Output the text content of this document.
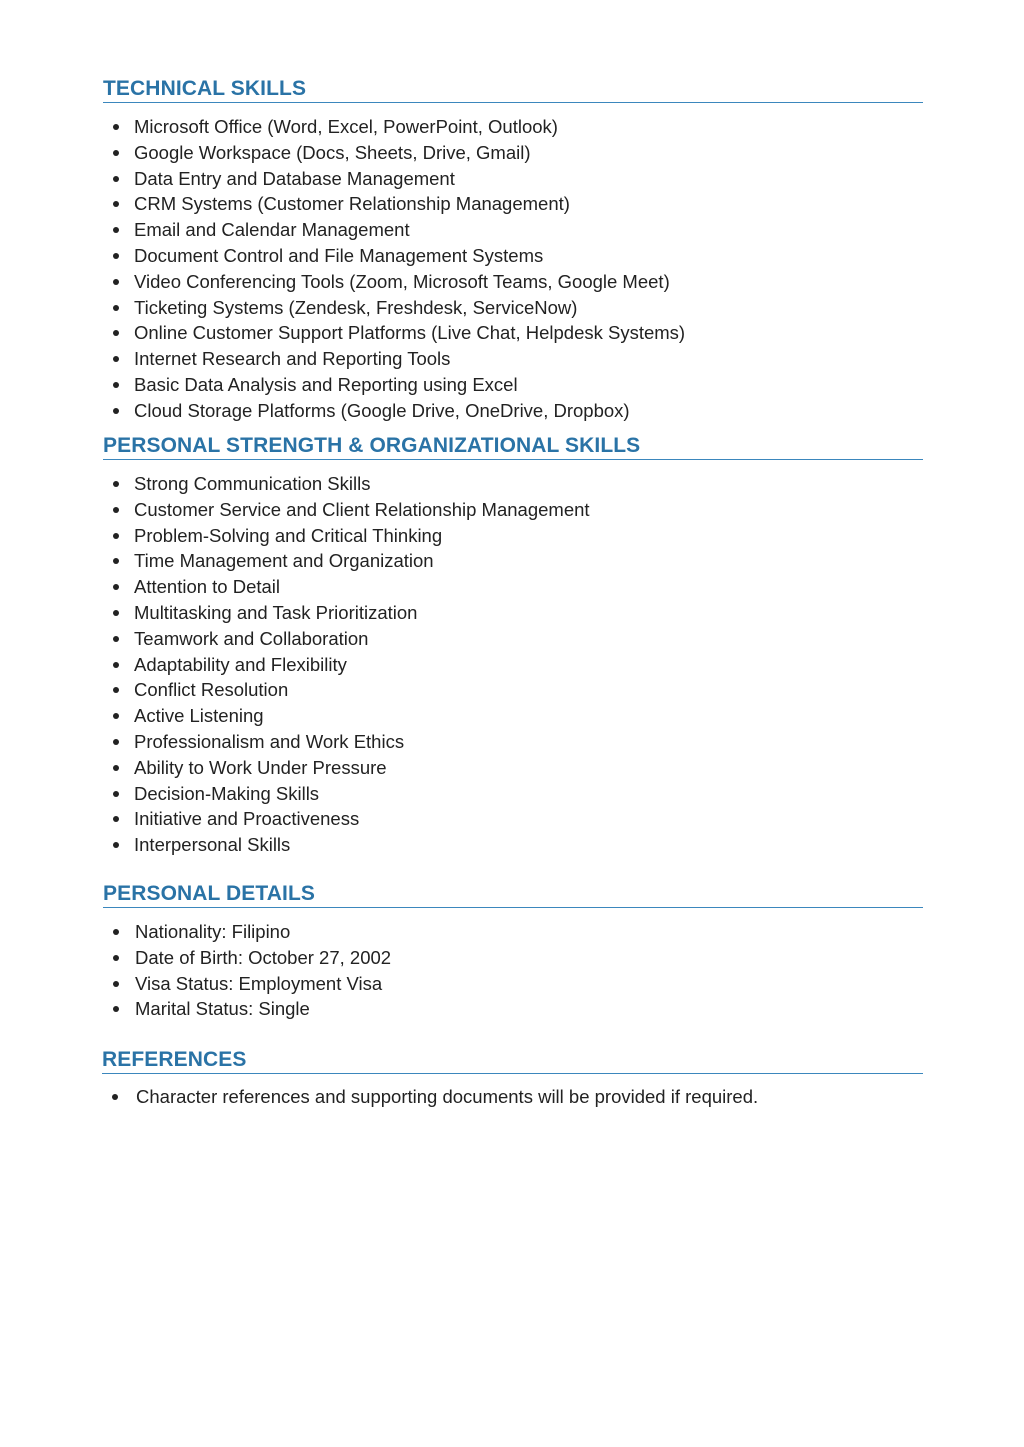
TECHNICAL SKILLS
Microsoft Office (Word, Excel, PowerPoint, Outlook)
Google Workspace (Docs, Sheets, Drive, Gmail)
Data Entry and Database Management
CRM Systems (Customer Relationship Management)
Email and Calendar Management
Document Control and File Management Systems
Video Conferencing Tools (Zoom, Microsoft Teams, Google Meet)
Ticketing Systems (Zendesk, Freshdesk, ServiceNow)
Online Customer Support Platforms (Live Chat, Helpdesk Systems)
Internet Research and Reporting Tools
Basic Data Analysis and Reporting using Excel
Cloud Storage Platforms (Google Drive, OneDrive, Dropbox)
PERSONAL STRENGTH & ORGANIZATIONAL SKILLS
Strong Communication Skills
Customer Service and Client Relationship Management
Problem-Solving and Critical Thinking
Time Management and Organization
Attention to Detail
Multitasking and Task Prioritization
Teamwork and Collaboration
Adaptability and Flexibility
Conflict Resolution
Active Listening
Professionalism and Work Ethics
Ability to Work Under Pressure
Decision-Making Skills
Initiative and Proactiveness
Interpersonal Skills
PERSONAL DETAILS
Nationality: Filipino
Date of Birth: October 27, 2002
Visa Status: Employment Visa
Marital Status: Single
REFERENCES
Character references and supporting documents will be provided if required.
